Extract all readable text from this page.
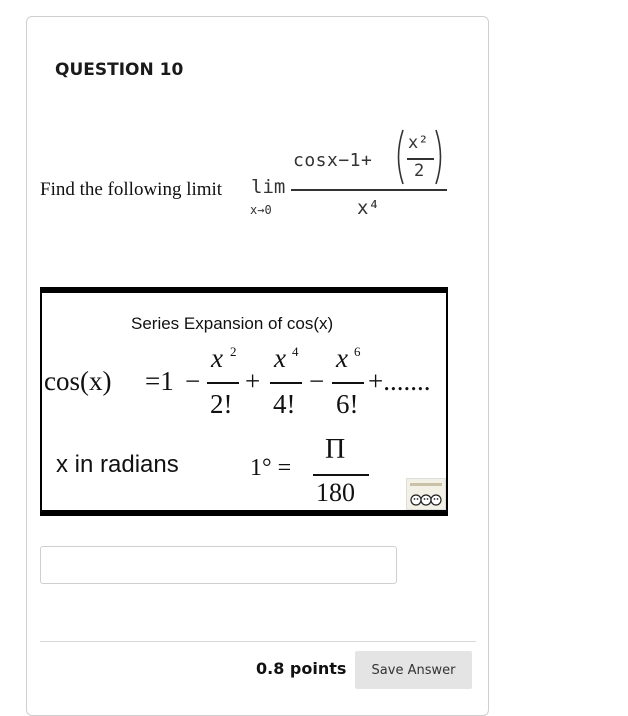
QUESTION 10
Find the following limit lim
x→0
cosx−1+
x²
2
x⁴
Series Expansion of cos(x)
cos(x) =1 −
x 2
2!
+
x 4
4!
−
x 6
6!
+.......
x in radians	1° =
Π
180
0.8 points	Save Answer
